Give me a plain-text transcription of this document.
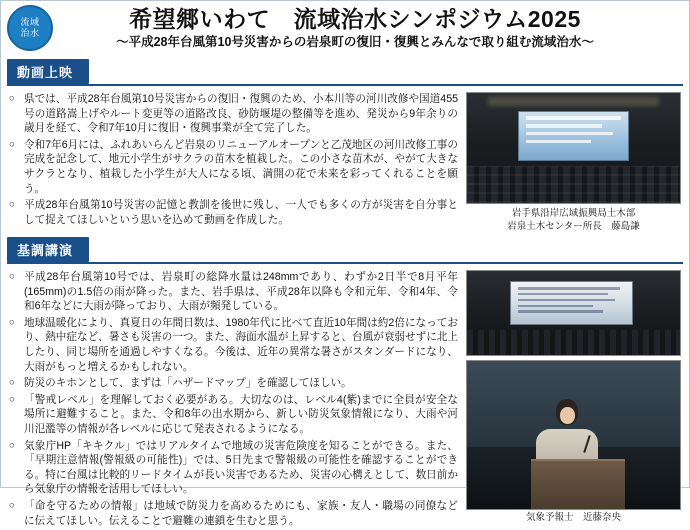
流域
治水
希望郷いわて　流域治水シンポジウム2025
〜平成28年台風第10号災害からの岩泉町の復旧・復興とみんなで取り組む流域治水〜
動画上映
○ 県では、平成28年台風第10号災害からの復旧・復興のため、小本川等の河川改修や国道455号の道路嵩上げやルート変更等の道路改良、砂防堰堤の整備等を進め、発災から9年余りの歳月を経て、令和7年10月に復旧・復興事業が全て完了した。
○ 令和7年6月には、ふれあいらんど岩泉のリニューアルオープンと乙茂地区の河川改修工事の完成を記念して、地元小学生がサクラの苗木を植栽した。この小さな苗木が、やがて大きなサクラとなり、植栽した小学生が大人になる頃、満開の花で未来を彩ってくれることを願う。
○ 平成28年台風第10号災害の記憶と教訓を後世に残し、一人でも多くの方が災害を自分事として捉えてほしいという思いを込めて動画を作成した。
岩手県沿岸広域振興局土木部
岩泉土木センター所長　藤島謙
基調講演
○ 平成28年台風第10号では、岩泉町の総降水量は248mmであり、わずか2日半で8月平年(165mm)の1.5倍の雨が降った。また、岩手県は、平成28年以降も令和元年、令和4年、令和6年などに大雨が降っており、大雨が頻発している。
○ 地球温暖化により、真夏日の年間日数は、1980年代に比べて直近10年間は約2倍になっており、熱中症など、暑さも災害の一つ。また、海面水温が上昇すると、台風が衰弱せずに北上したり、同じ場所を通過しやすくなる。今後は、近年の異常な暑さがスタンダードになり、大雨がもっと増えるかもしれない。
○ 防災のキホンとして、まずは「ハザードマップ」を確認してほしい。
○ 「警戒レベル」を理解しておく必要がある。大切なのは、レベル4(紫)までに全員が安全な場所に避難すること。また、令和8年の出水期から、新しい防災気象情報になり、大雨や河川氾濫等の情報が各レベルに応じて発表されるようになる。
○ 気象庁HP「キキクル」ではリアルタイムで地域の災害危険度を知ることができる。また、「早期注意情報(警報級の可能性)」では、5日先まで警報級の可能性を確認することができる。特に台風は比較的リードタイムが長い災害であるため、災害の心構えとして、数日前から気象庁の情報を活用してほしい。
○ 「命を守るための情報」は地域で防災力を高めるためにも、家族・友人・職場の同僚などに伝えてほしい。伝えることで避難の連鎖を生むと思う。	気象予報士　近藤奈央
